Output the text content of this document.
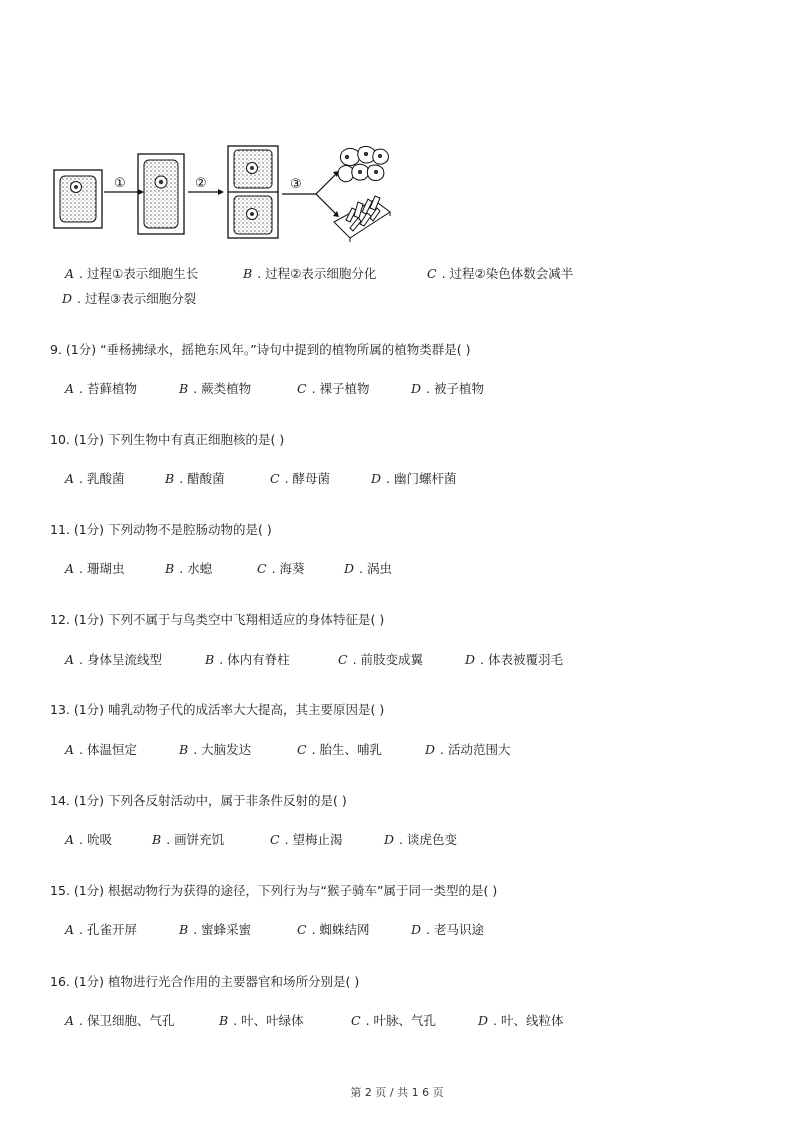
①	②	③
A . 过程①表示细胞生长	B . 过程②表示细胞分化	C . 过程②染色体数会减半
D . 过程③表示细胞分裂
9. (1分) “垂杨拂绿水，摇艳东风年。”诗句中提到的植物所属的植物类群是( )
A . 苔藓植物	B . 蕨类植物	C . 裸子植物	D . 被子植物
10. (1分) 下列生物中有真正细胞核的是( )
A . 乳酸菌	B . 醋酸菌	C . 酵母菌	D . 幽门螺杆菌
11. (1分) 下列动物不是腔肠动物的是( )
A . 珊瑚虫	B . 水螅	C . 海葵	D . 涡虫
12. (1分) 下列不属于与鸟类空中飞翔相适应的身体特征是( )
A . 身体呈流线型	B . 体内有脊柱	C . 前肢变成翼	D . 体表被覆羽毛
13. (1分) 哺乳动物子代的成活率大大提高，其主要原因是( )
A . 体温恒定	B . 大脑发达	C . 胎生、哺乳	D . 活动范围大
14. (1分) 下列各反射活动中，属于非条件反射的是( )
A . 吮吸	B . 画饼充饥	C . 望梅止渴	D . 谈虎色变
15. (1分) 根据动物行为获得的途径，下列行为与“猴子骑车”属于同一类型的是( )
A . 孔雀开屏	B . 蜜蜂采蜜	C . 蜘蛛结网	D . 老马识途
16. (1分) 植物进行光合作用的主要器官和场所分别是( )
A . 保卫细胞、气孔	B . 叶、叶绿体	C . 叶脉、气孔	D . 叶、线粒体
第 2 页 / 共 1 6 页
